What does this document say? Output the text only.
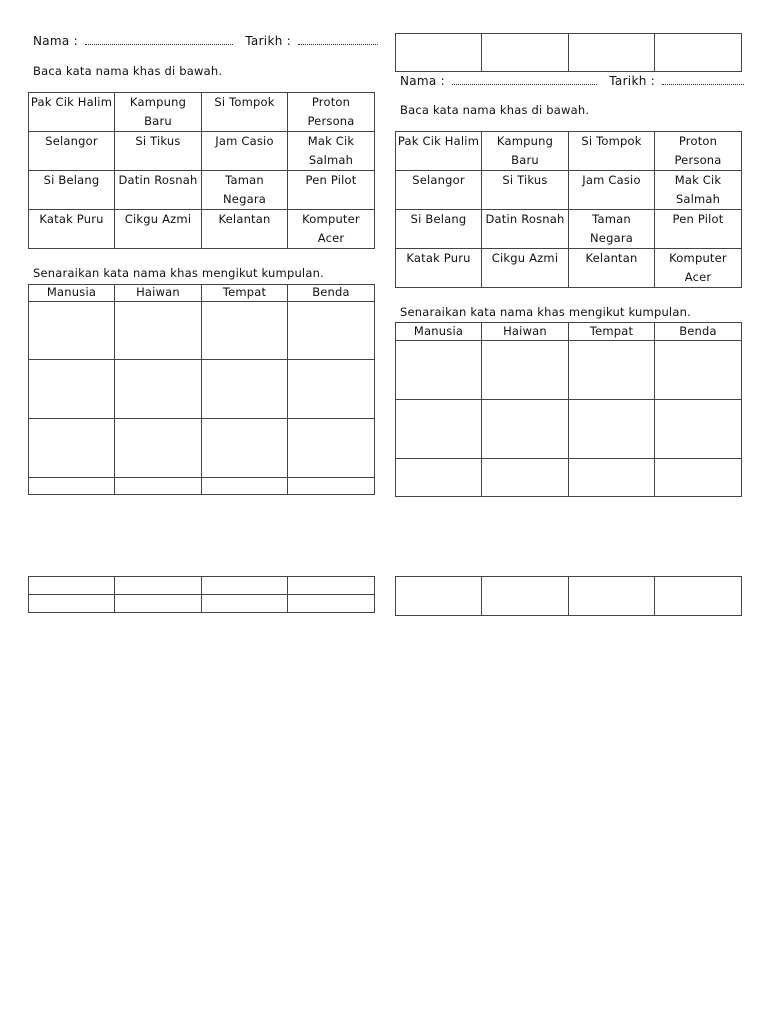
Nama :	Tarikh :
Baca kata nama khas di bawah.
Pak Cik Halim	Kampung Baru	Si Tompok	Proton Persona
Selangor	Si Tikus	Jam Casio	Mak Cik Salmah
Si Belang	Datin Rosnah	Taman Negara	Pen Pilot
Katak Puru	Cikgu Azmi	Kelantan	Komputer Acer
Senaraikan kata nama khas mengikut kumpulan.
Manusia	Haiwan	Tempat	Benda

Nama :	Tarikh :
Baca kata nama khas di bawah.
Pak Cik Halim	Kampung Baru	Si Tompok	Proton Persona
Selangor	Si Tikus	Jam Casio	Mak Cik Salmah
Si Belang	Datin Rosnah	Taman Negara	Pen Pilot
Katak Puru	Cikgu Azmi	Kelantan	Komputer Acer
Senaraikan kata nama khas mengikut kumpulan.
Manusia	Haiwan	Tempat	Benda
